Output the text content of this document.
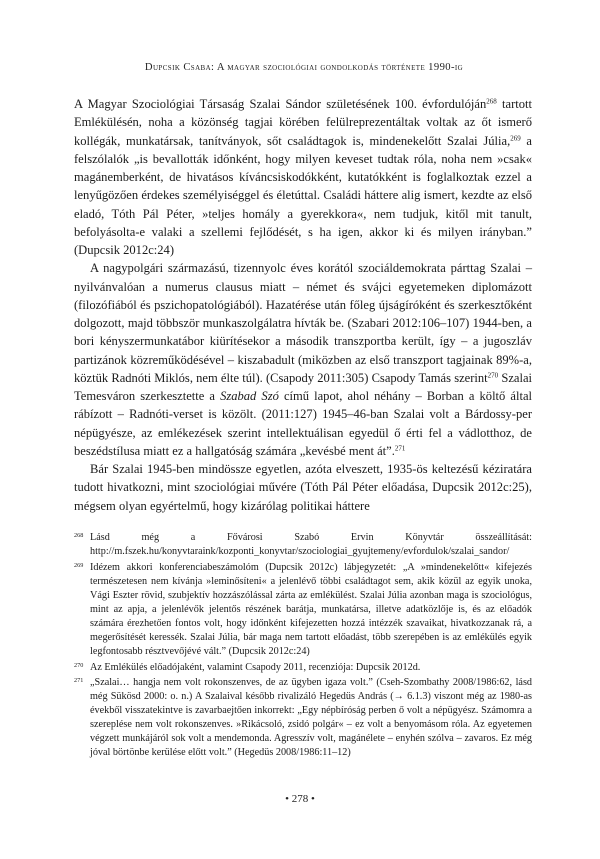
Dupcsik Csaba: A magyar szociológiai gondolkodás története 1990-ig

A Magyar Szociológiai Társaság Szalai Sándor születésének 100. évfordulóján$^{268}$ tartott Emlékülésén, noha a közönség tagjai körében felülreprezentáltak voltak az őt ismerő kollégák, munkatársak, tanítványok, sőt családtagok is, mindenekelőtt Szalai Júlia,$^{269}$ a felszólalók „is bevallották időnként, hogy milyen keveset tudtak róla, noha nem »csak« magánemberként, de hivatásos kíváncsiskodókként, kutatókként is foglalkoztak ezzel a lenyűgözően érdekes személyiséggel és életúttal. Családi háttere alig ismert, kezdte az első eladó, Tóth Pál Péter, »teljes homály a gyerekkora«, nem tudjuk, kitől mit tanult, befolyásolta-e valaki a szellemi fejlődését, s ha igen, akkor ki és milyen irányban.” (Dupcsik 2012c:24)

A nagypolgári származású, tizennyolc éves korától szociáldemokrata párttag Szalai – nyilvánvalóan a numerus clausus miatt – német és svájci egyetemeken diplomázott (filozófiából és pszichopatológiából). Hazatérése után főleg újságíróként és szerkesztőként dolgozott, majd többször munkaszolgálatra hívták be. (Szabari 2012:106–107) 1944-ben, a bori kényszermunkatábor kiürítésekor a második transzportba került, így – a jugoszláv partizánok közreműködésével – kiszabadult (miközben az első transzport tagjainak 89%-a, köztük Radnóti Miklós, nem élte túl). (Csapody 2011:305) Csapody Tamás szerint$^{270}$ Szalai Temesváron szerkesztette a Szabad Szó című lapot, ahol néhány – Borban a költő által rábízott – Radnóti-verset is közölt. (2011:127) 1945–46-ban Szalai volt a Bárdossy-per népügyésze, az emlékezések szerint intellektuálisan egyedül ő érti fel a vádlotthoz, de beszédstílusa miatt ez a hallgatóság számára „kevésbé ment át”.$^{271}$

Bár Szalai 1945-ben mindössze egyetlen, azóta elveszett, 1935-ös keltezésű kéziratára tudott hivatkozni, mint szociológiai művére (Tóth Pál Péter előadása, Dupcsik 2012c:25), mégsem olyan egyértelmű, hogy kizárólag politikai háttere

268 Lásd még a Fővárosi Szabó Ervin Könyvtár összeállítását: http://m.fszek.hu/konyvtaraink/kozponti_konyvtar/szociologiai_gyujtemeny/evfordulok/szalai_sandor/
269 Idézem akkori konferenciabeszámolóm (Dupcsik 2012c) lábjegyzetét: „A »mindenekelőtt« kifejezés természetesen nem kívánja »leminősíteni« a jelenlévő többi családtagot sem, akik közül az egyik unoka, Vági Eszter rövid, szubjektív hozzászólással zárta az emlékülést. Szalai Júlia azonban maga is szociológus, mint az apja, a jelenlévők jelentős részének barátja, munkatársa, illetve adatközlője is, és az előadók számára érezhetően fontos volt, hogy időnként kifejezetten hozzá intézzék szavaikat, hivatkozzanak rá, a megerősítését keressék. Szalai Júlia, bár maga nem tartott előadást, több szerepében is az emlékülés egyik legfontosabb résztvevőjévé vált.” (Dupcsik 2012c:24)
270 Az Emlékülés előadójaként, valamint Csapody 2011, recenziója: Dupcsik 2012d.
271 „Szalai… hangja nem volt rokonszenves, de az ügyben igaza volt.” (Cseh-Szombathy 2008/1986:62, lásd még Sükösd 2000: o. n.) A Szalaival később rivalizáló Hegedüs András (→ 6.1.3) viszont még az 1980-as évekből visszatekintve is zavarbaejtően inkorrekt: „Egy népbíróság perben ő volt a népügyész. Számomra a szereplése nem volt rokonszenves. »Rikácsoló, zsidó polgár« – ez volt a benyomásom róla. Az egyetemen végzett munkájáról sok volt a mendemonda. Agresszív volt, magánélete – enyhén szólva – zavaros. Ez még jóval börtönbe kerülése előtt volt.” (Hegedüs 2008/1986:11–12)
• 278 •
